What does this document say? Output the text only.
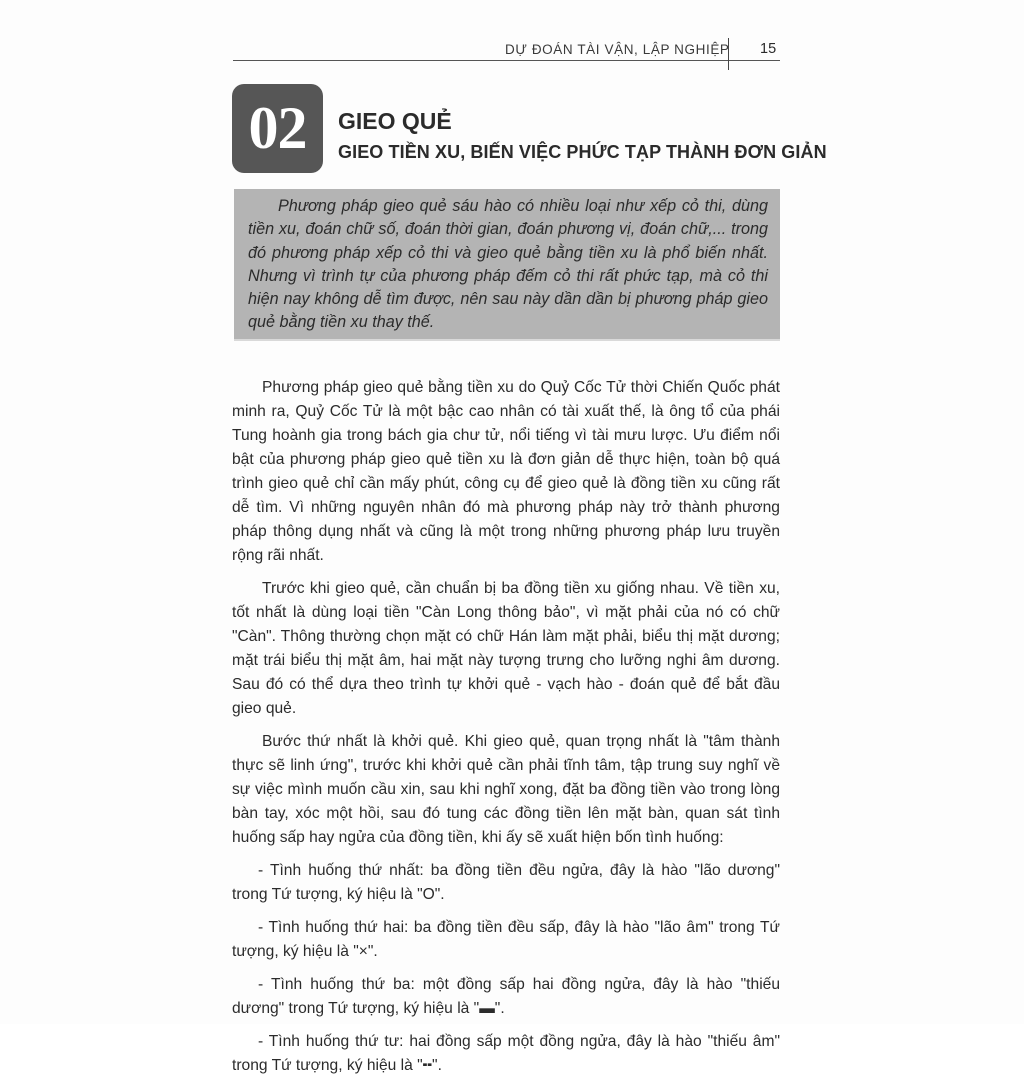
DỰ ĐOÁN TÀI VẬN, LẬP NGHIỆP 15
02 GIEO QUẺ
GIEO TIỀN XU, BIẾN VIỆC PHỨC TẠP THÀNH ĐƠN GIẢN

Phương pháp gieo quẻ sáu hào có nhiều loại như xếp cỏ thi, dùng tiền xu, đoán chữ số, đoán thời gian, đoán phương vị, đoán chữ,... trong đó phương pháp xếp cỏ thi và gieo quẻ bằng tiền xu là phổ biến nhất. Nhưng vì trình tự của phương pháp đếm cỏ thi rất phức tạp, mà cỏ thi hiện nay không dễ tìm được, nên sau này dần dần bị phương pháp gieo quẻ bằng tiền xu thay thế.

Phương pháp gieo quẻ bằng tiền xu do Quỷ Cốc Tử thời Chiến Quốc phát minh ra, Quỷ Cốc Tử là một bậc cao nhân có tài xuất thế, là ông tổ của phái Tung hoành gia trong bách gia chư tử, nổi tiếng vì tài mưu lược. Ưu điểm nổi bật của phương pháp gieo quẻ tiền xu là đơn giản dễ thực hiện, toàn bộ quá trình gieo quẻ chỉ cần mấy phút, công cụ để gieo quẻ là đồng tiền xu cũng rất dễ tìm. Vì những nguyên nhân đó mà phương pháp này trở thành phương pháp thông dụng nhất và cũng là một trong những phương pháp lưu truyền rộng rãi nhất.

Trước khi gieo quẻ, cần chuẩn bị ba đồng tiền xu giống nhau. Về tiền xu, tốt nhất là dùng loại tiền "Càn Long thông bảo", vì mặt phải của nó có chữ "Càn". Thông thường chọn mặt có chữ Hán làm mặt phải, biểu thị mặt dương; mặt trái biểu thị mặt âm, hai mặt này tượng trưng cho lưỡng nghi âm dương. Sau đó có thể dựa theo trình tự khởi quẻ - vạch hào - đoán quẻ để bắt đầu gieo quẻ.

Bước thứ nhất là khởi quẻ. Khi gieo quẻ, quan trọng nhất là "tâm thành thực sẽ linh ứng", trước khi khởi quẻ cần phải tĩnh tâm, tập trung suy nghĩ về sự việc mình muốn cầu xin, sau khi nghĩ xong, đặt ba đồng tiền vào trong lòng bàn tay, xóc một hồi, sau đó tung các đồng tiền lên mặt bàn, quan sát tình huống sấp hay ngửa của đồng tiền, khi ấy sẽ xuất hiện bốn tình huống:

- Tình huống thứ nhất: ba đồng tiền đều ngửa, đây là hào "lão dương" trong Tứ tượng, ký hiệu là "O".

- Tình huống thứ hai: ba đồng tiền đều sấp, đây là hào "lão âm" trong Tứ tượng, ký hiệu là "×".

- Tình huống thứ ba: một đồng sấp hai đồng ngửa, đây là hào "thiếu dương" trong Tứ tượng, ký hiệu là "▬".

- Tình huống thứ tư: hai đồng sấp một đồng ngửa, đây là hào "thiếu âm" trong Tứ tượng, ký hiệu là "╍".
